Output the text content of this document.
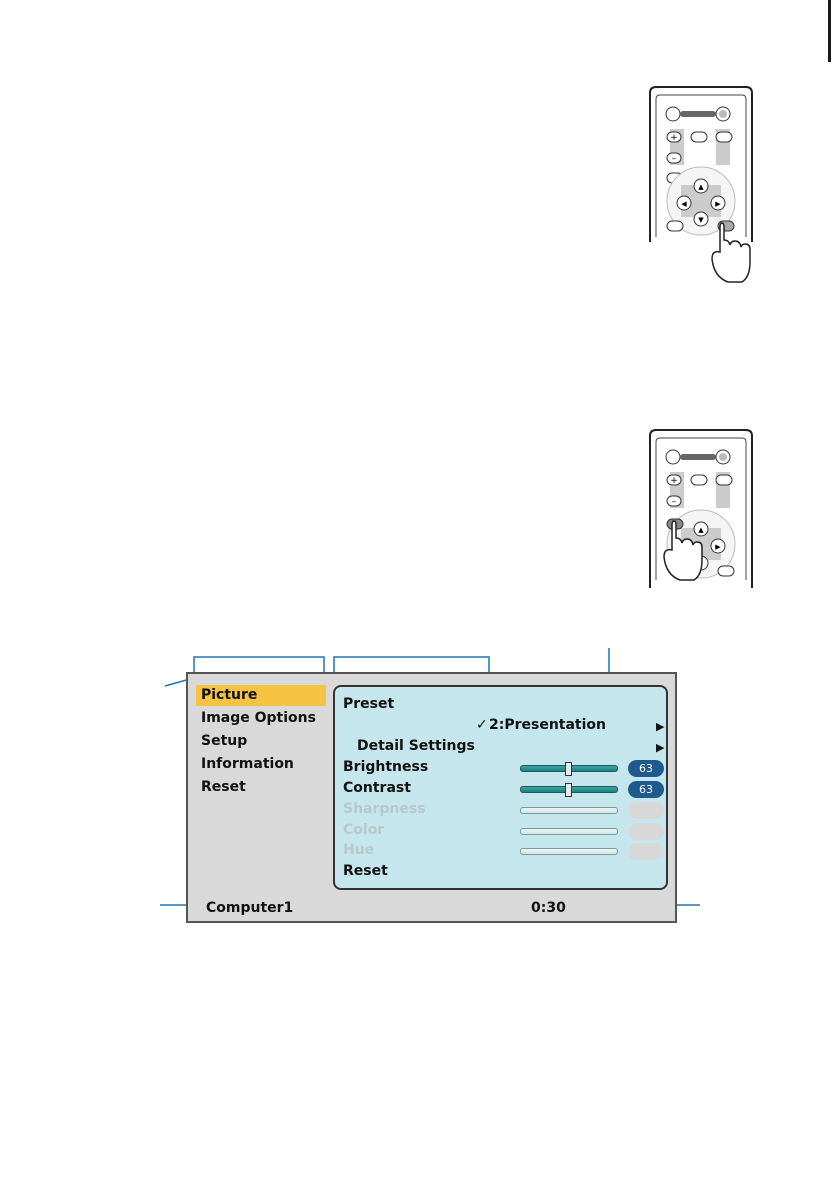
+
–
▲
▼
◀	▶
+
–
▲
▶
Picture
Image Options
Setup
Information
Reset
Preset
✓ 2:Presentation	▶
Detail Settings	▶
Brightness	63
Contrast	63
Sharpness
Color
Hue
Reset
Computer1	0:30
